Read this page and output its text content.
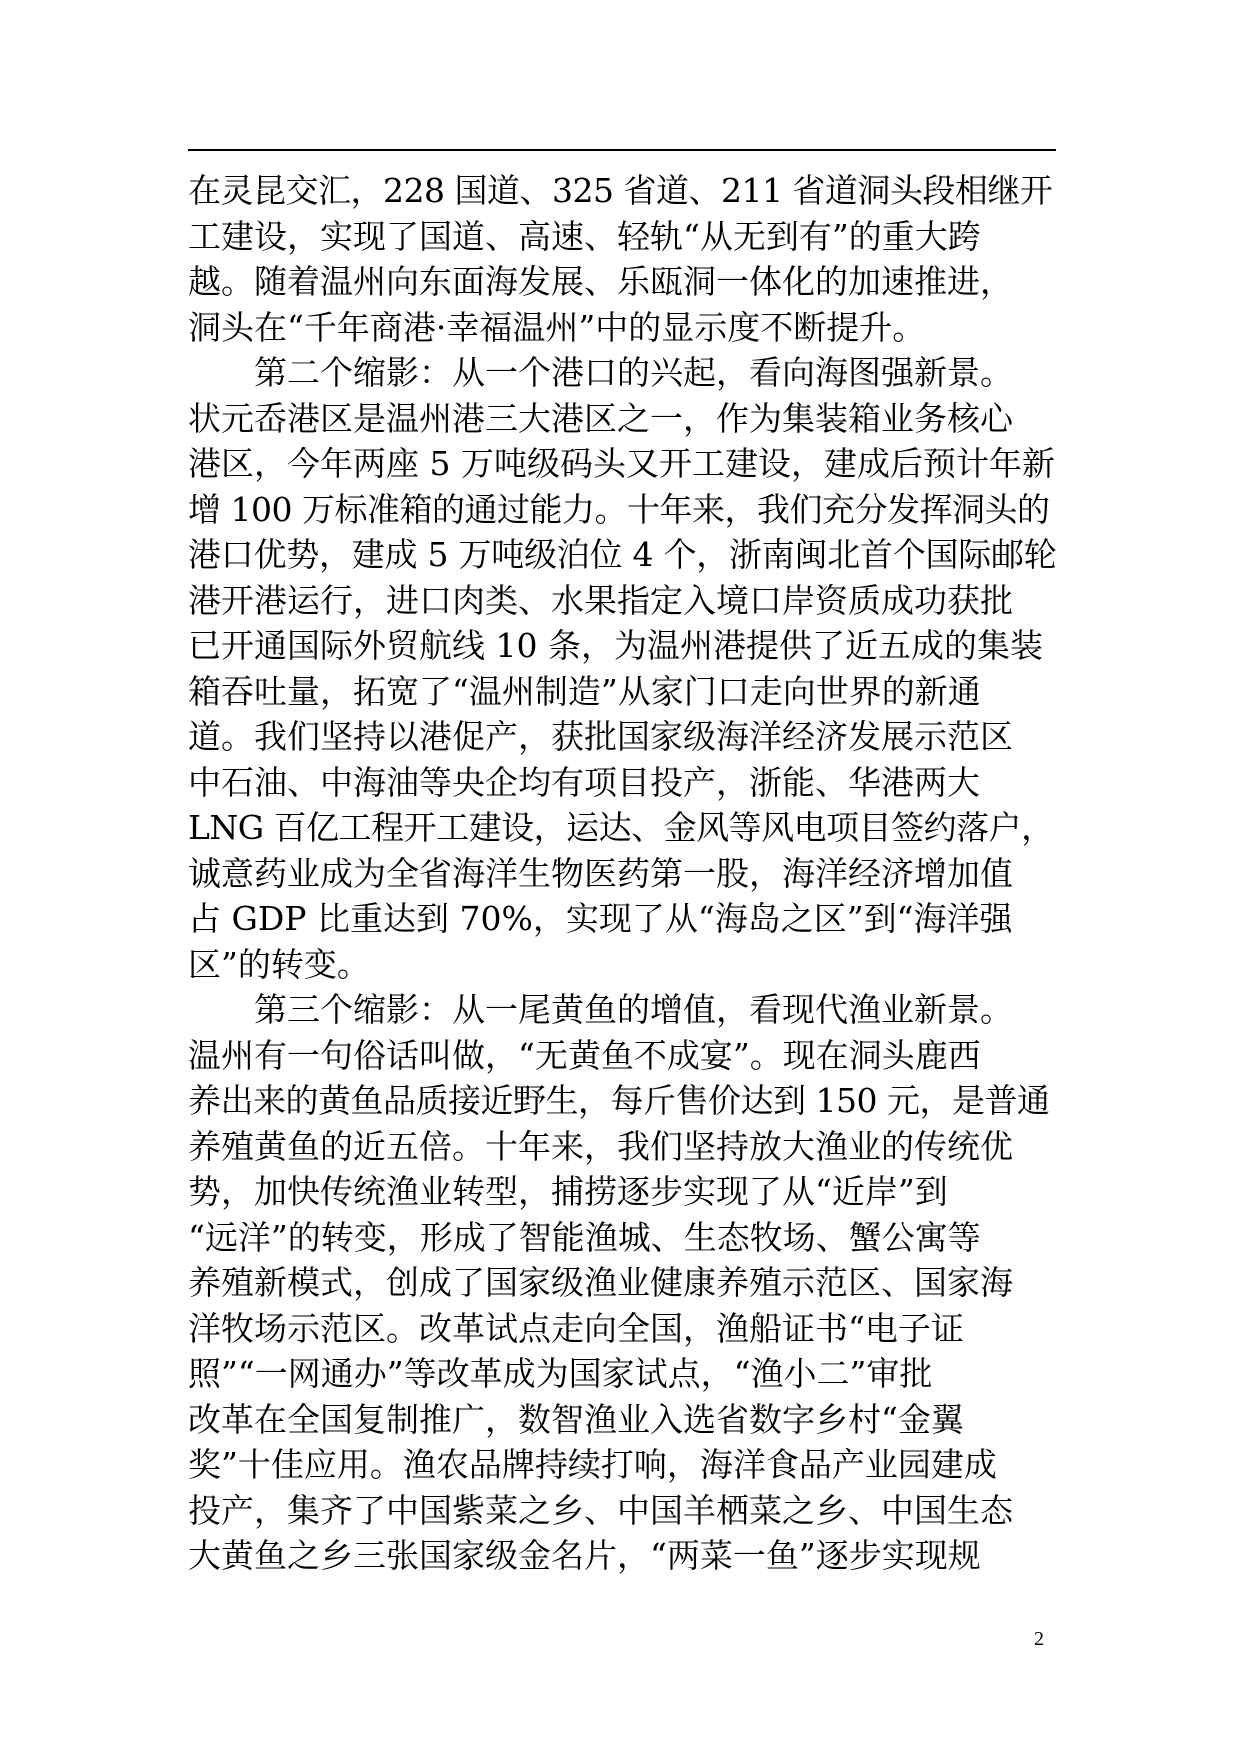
在灵昆交汇，228 国道、325 省道、211 省道洞头段相继开
工建设，实现了国道、高速、轻轨“从无到有”的重大跨
越。随着温州向东面海发展、乐瓯洞一体化的加速推进，
洞头在“千年商港·幸福温州”中的显示度不断提升。
第二个缩影：从一个港口的兴起，看向海图强新景。
状元岙港区是温州港三大港区之一，作为集装箱业务核心
港区，今年两座 5 万吨级码头又开工建设，建成后预计年新
增 100 万标准箱的通过能力。十年来，我们充分发挥洞头的
港口优势，建成 5 万吨级泊位 4 个，浙南闽北首个国际邮轮
港开港运行，进口肉类、水果指定入境口岸资质成功获批
已开通国际外贸航线 10 条，为温州港提供了近五成的集装
箱吞吐量，拓宽了“温州制造”从家门口走向世界的新通
道。我们坚持以港促产，获批国家级海洋经济发展示范区
中石油、中海油等央企均有项目投产，浙能、华港两大
LNG 百亿工程开工建设，运达、金风等风电项目签约落户，
诚意药业成为全省海洋生物医药第一股，海洋经济增加值
占 GDP 比重达到 70%，实现了从“海岛之区”到“海洋强
区”的转变。
第三个缩影：从一尾黄鱼的增值，看现代渔业新景。
温州有一句俗话叫做，“无黄鱼不成宴”。现在洞头鹿西
养出来的黄鱼品质接近野生，每斤售价达到 150 元，是普通
养殖黄鱼的近五倍。十年来，我们坚持放大渔业的传统优
势，加快传统渔业转型，捕捞逐步实现了从“近岸”到
“远洋”的转变，形成了智能渔城、生态牧场、蟹公寓等
养殖新模式，创成了国家级渔业健康养殖示范区、国家海
洋牧场示范区。改革试点走向全国，渔船证书“电子证
照”“一网通办”等改革成为国家试点，“渔小二”审批
改革在全国复制推广，数智渔业入选省数字乡村“金翼
奖”十佳应用。渔农品牌持续打响，海洋食品产业园建成
投产，集齐了中国紫菜之乡、中国羊栖菜之乡、中国生态
大黄鱼之乡三张国家级金名片，“两菜一鱼”逐步实现规
2
